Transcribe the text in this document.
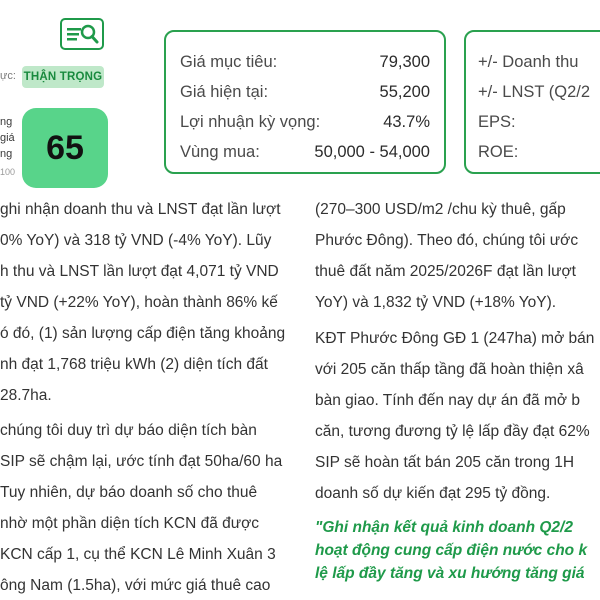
ực: THẬN TRỌNG
ng
giá
ng
100
65
Giá mục tiêu:	79,300
Giá hiện tại:	55,200
Lợi nhuận kỳ vọng:	43.7%
Vùng mua:	50,000 - 54,000
+/- Doanh thu
+/- LNST (Q2/2
EPS:
ROE:
ghi nhận doanh thu và LNST đạt lần lượt
0% YoY) và 318 tỷ VND (-4% YoY). Lũy
h thu và LNST lần lượt đạt 4,071 tỷ VND
tỷ VND (+22% YoY), hoàn thành 86% kế
ó đó, (1) sản lượng cấp điện tăng khoảng
nh đạt 1,768 triệu kWh (2) diện tích đất
28.7ha.
chúng tôi duy trì dự báo diện tích bàn
SIP sẽ chậm lại, ước tính đạt 50ha/60 ha
Tuy nhiên, dự báo doanh số cho thuê
nhờ một phần diện tích KCN đã được
KCN cấp 1, cụ thể KCN Lê Minh Xuân 3
ông Nam (1.5ha), với mức giá thuê cao
(270–300 USD/m2 /chu kỳ thuê, gấp
Phước Đông). Theo đó, chúng tôi ước
thuê đất năm 2025/2026F đạt lần lượt
YoY) và 1,832 tỷ VND (+18% YoY).
KĐT Phước Đông GĐ 1 (247ha) mở bán
với 205 căn thấp tầng đã hoàn thiện xâ
bàn giao. Tính đến nay dự án đã mở b
căn, tương đương tỷ lệ lấp đầy đạt 62%
SIP sẽ hoàn tất bán 205 căn trong 1H
doanh số dự kiến đạt 295 tỷ đồng.
"Ghi nhận kết quả kinh doanh Q2/2
hoạt động cung cấp điện nước cho k
lệ lấp đầy tăng và xu hướng tăng giá
